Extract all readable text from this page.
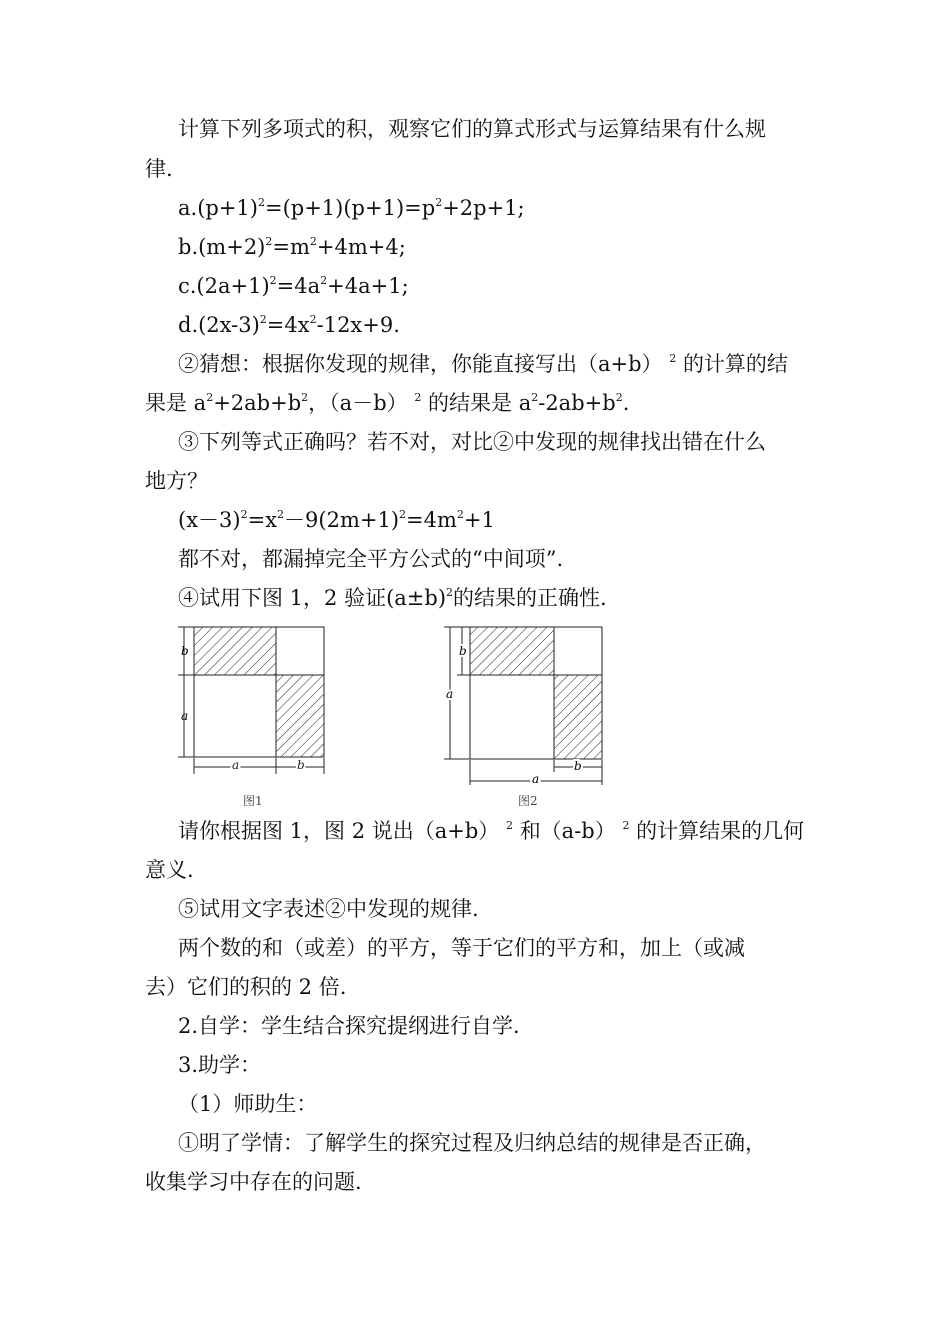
计算下列多项式的积，观察它们的算式形式与运算结果有什么规
律.
$a.(p+1)^2=(p+1)(p+1)=p^2+2p+1$;
$b.(m+2)^2=m^2+4m+4$;
$c.(2a+1)^2=4a^2+4a+1$;
$d.(2x-3)^2=4x^2-12x+9$.
②猜想：根据你发现的规律，你能直接写出（a+b） $^2$ 的计算的结
果是 $a^2+2ab+b^2$，（a－b） $^2$ 的结果是 $a^2-2ab+b^2$.
③下列等式正确吗？若不对，对比②中发现的规律找出错在什么
地方？
$(x-3)^2=x^2-9(2m+1)^2=4m^2+1$
都不对，都漏掉完全平方公式的“中间项”.
④试用下图 1，2 验证$(a\pm b)^2$的结果的正确性.
b
a
a	b
图1
b
a
b
a
图2
请你根据图 1，图 2 说出（a+b） $^2$ 和（a-b） $^2$ 的计算结果的几何
意义.
⑤试用文字表述②中发现的规律.
两个数的和（或差）的平方，等于它们的平方和，加上（或减
去）它们的积的 2 倍.
2.自学：学生结合探究提纲进行自学.
3.助学：
（1）师助生：
①明了学情：了解学生的探究过程及归纳总结的规律是否正确，
收集学习中存在的问题.
